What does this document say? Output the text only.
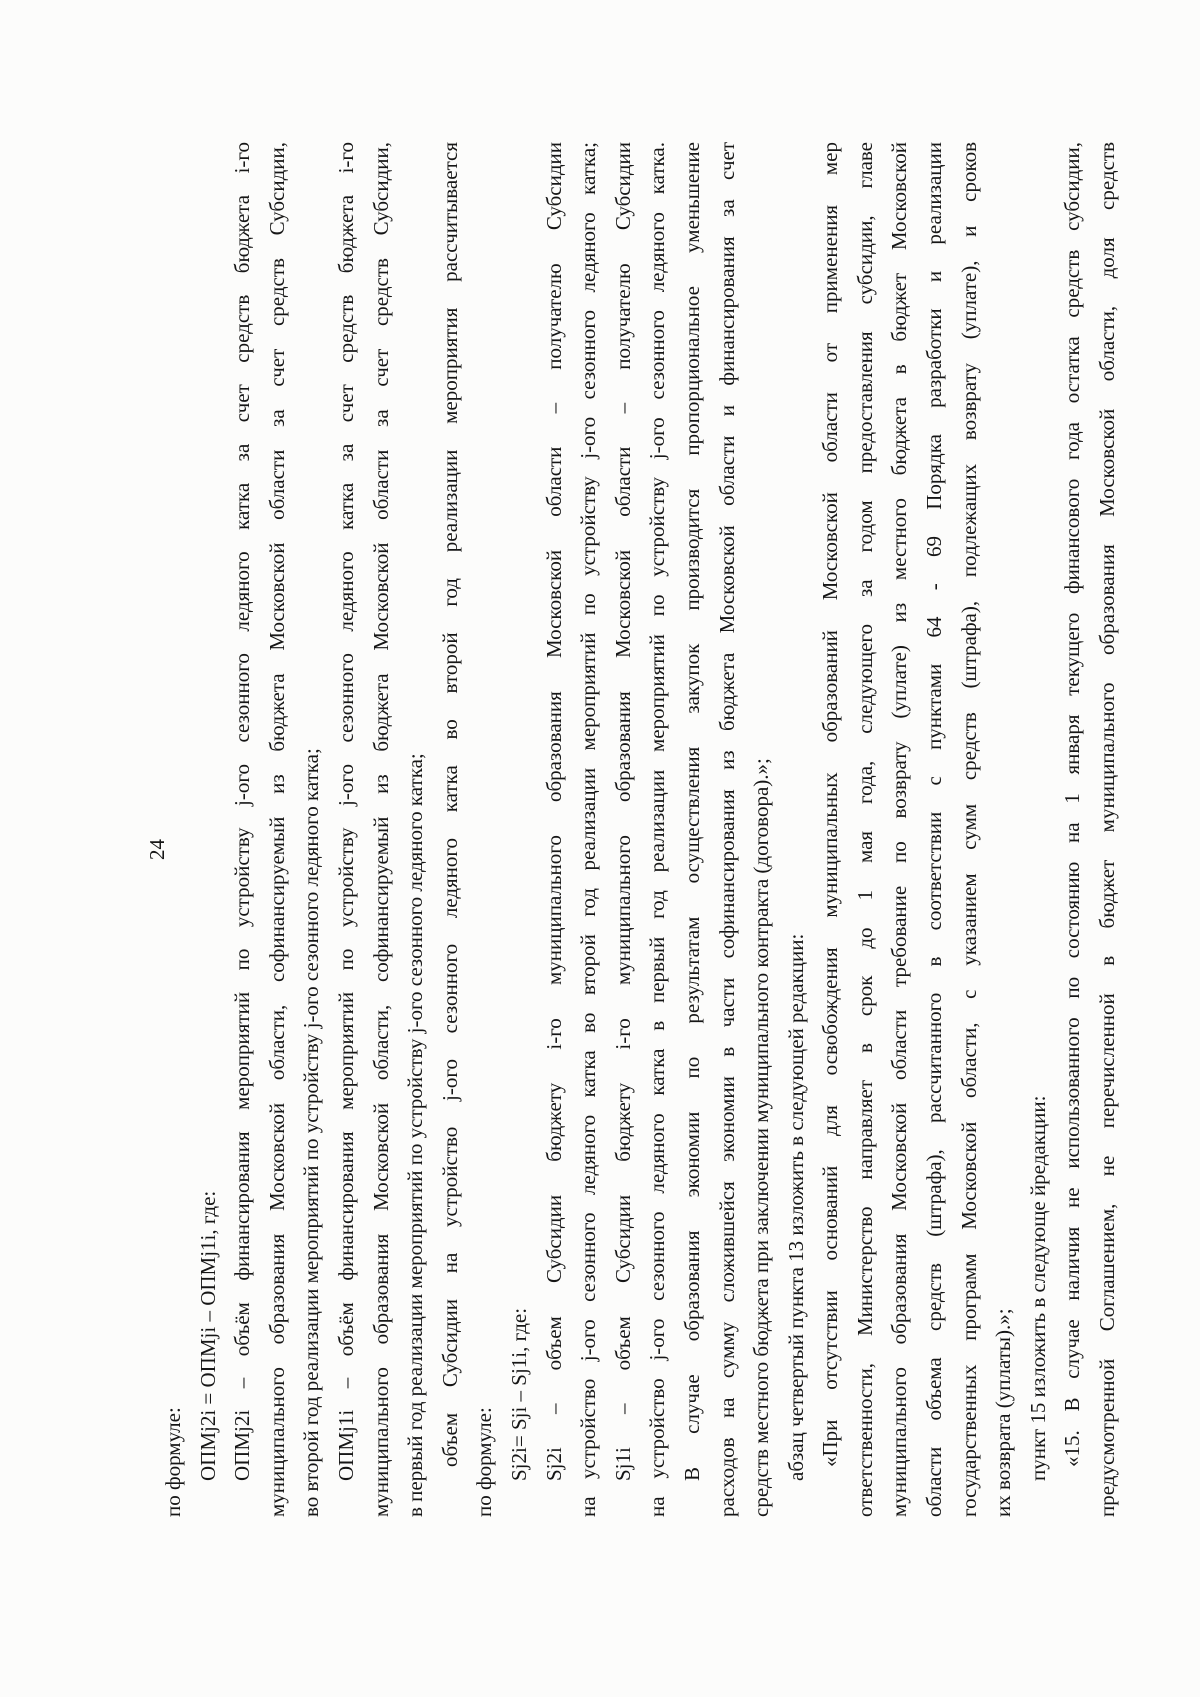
24
по формуле: ОПМj2i = ОПМji – ОПМj1i, где: ОПМj2i – объём финансирования мероприятий по устройству j-ого сезонного ледяного катка за счет средств бюджета i-го муниципального образования Московской области, софинансируемый из бюджета Московской области за счет средств Субсидии, во второй год реализации мероприятий по устройству j-ого сезонного ледяного катка; ОПМj1i – объём финансирования мероприятий по устройству j-ого сезонного ледяного катка за счет средств бюджета i-го муниципального образования Московской области, софинансируемый из бюджета Московской области за счет средств Субсидии, в первый год реализации мероприятий по устройству j-ого сезонного ледяного катка; объем Субсидии на устройство j-ого сезонного ледяного катка во второй год реализации мероприятия рассчитывается по формуле: Sj2i= Sji – Sj1i, где: Sj2i – объем Субсидии бюджету i-го муниципального образования Московской области – получателю Субсидии на устройство j-ого сезонного ледяного катка во второй год реализации мероприятий по устройству j-ого сезонного ледяного катка; Sj1i – объем Субсидии бюджету i-го муниципального образования Московской области – получателю Субсидии на устройство j-ого сезонного ледяного катка в первый год реализации мероприятий по устройству j-ого сезонного ледяного катка. В случае образования экономии по результатам осуществления закупок производится пропорциональное уменьшение расходов на сумму сложившейся экономии в части софинансирования из бюджета Московской области и финансирования за счет средств местного бюджета при заключении муниципального контракта (договора).»; абзац четвертый пункта 13 изложить в следующей редакции: «При отсутствии оснований для освобождения муниципальных образований Московской области от применения мер ответственности, Министерство направляет в срок до 1 мая года, следующего за годом предоставления субсидии, главе муниципального образования Московской области требование по возврату (уплате) из местного бюджета в бюджет Московской области объема средств (штрафа), рассчитанного в соответствии с пунктами 64 - 69 Порядка разработки и реализации государственных программ Московской области, с указанием сумм средств (штрафа), подлежащих возврату (уплате), и сроков их возврата (уплаты).»; пункт 15 изложить в следующе йредакции: «15. В случае наличия не использованного по состоянию на 1 января текущего финансового года остатка средств субсидии, предусмотренной Соглашением, не перечисленной в бюджет муниципального образования Московской области, доля средств
